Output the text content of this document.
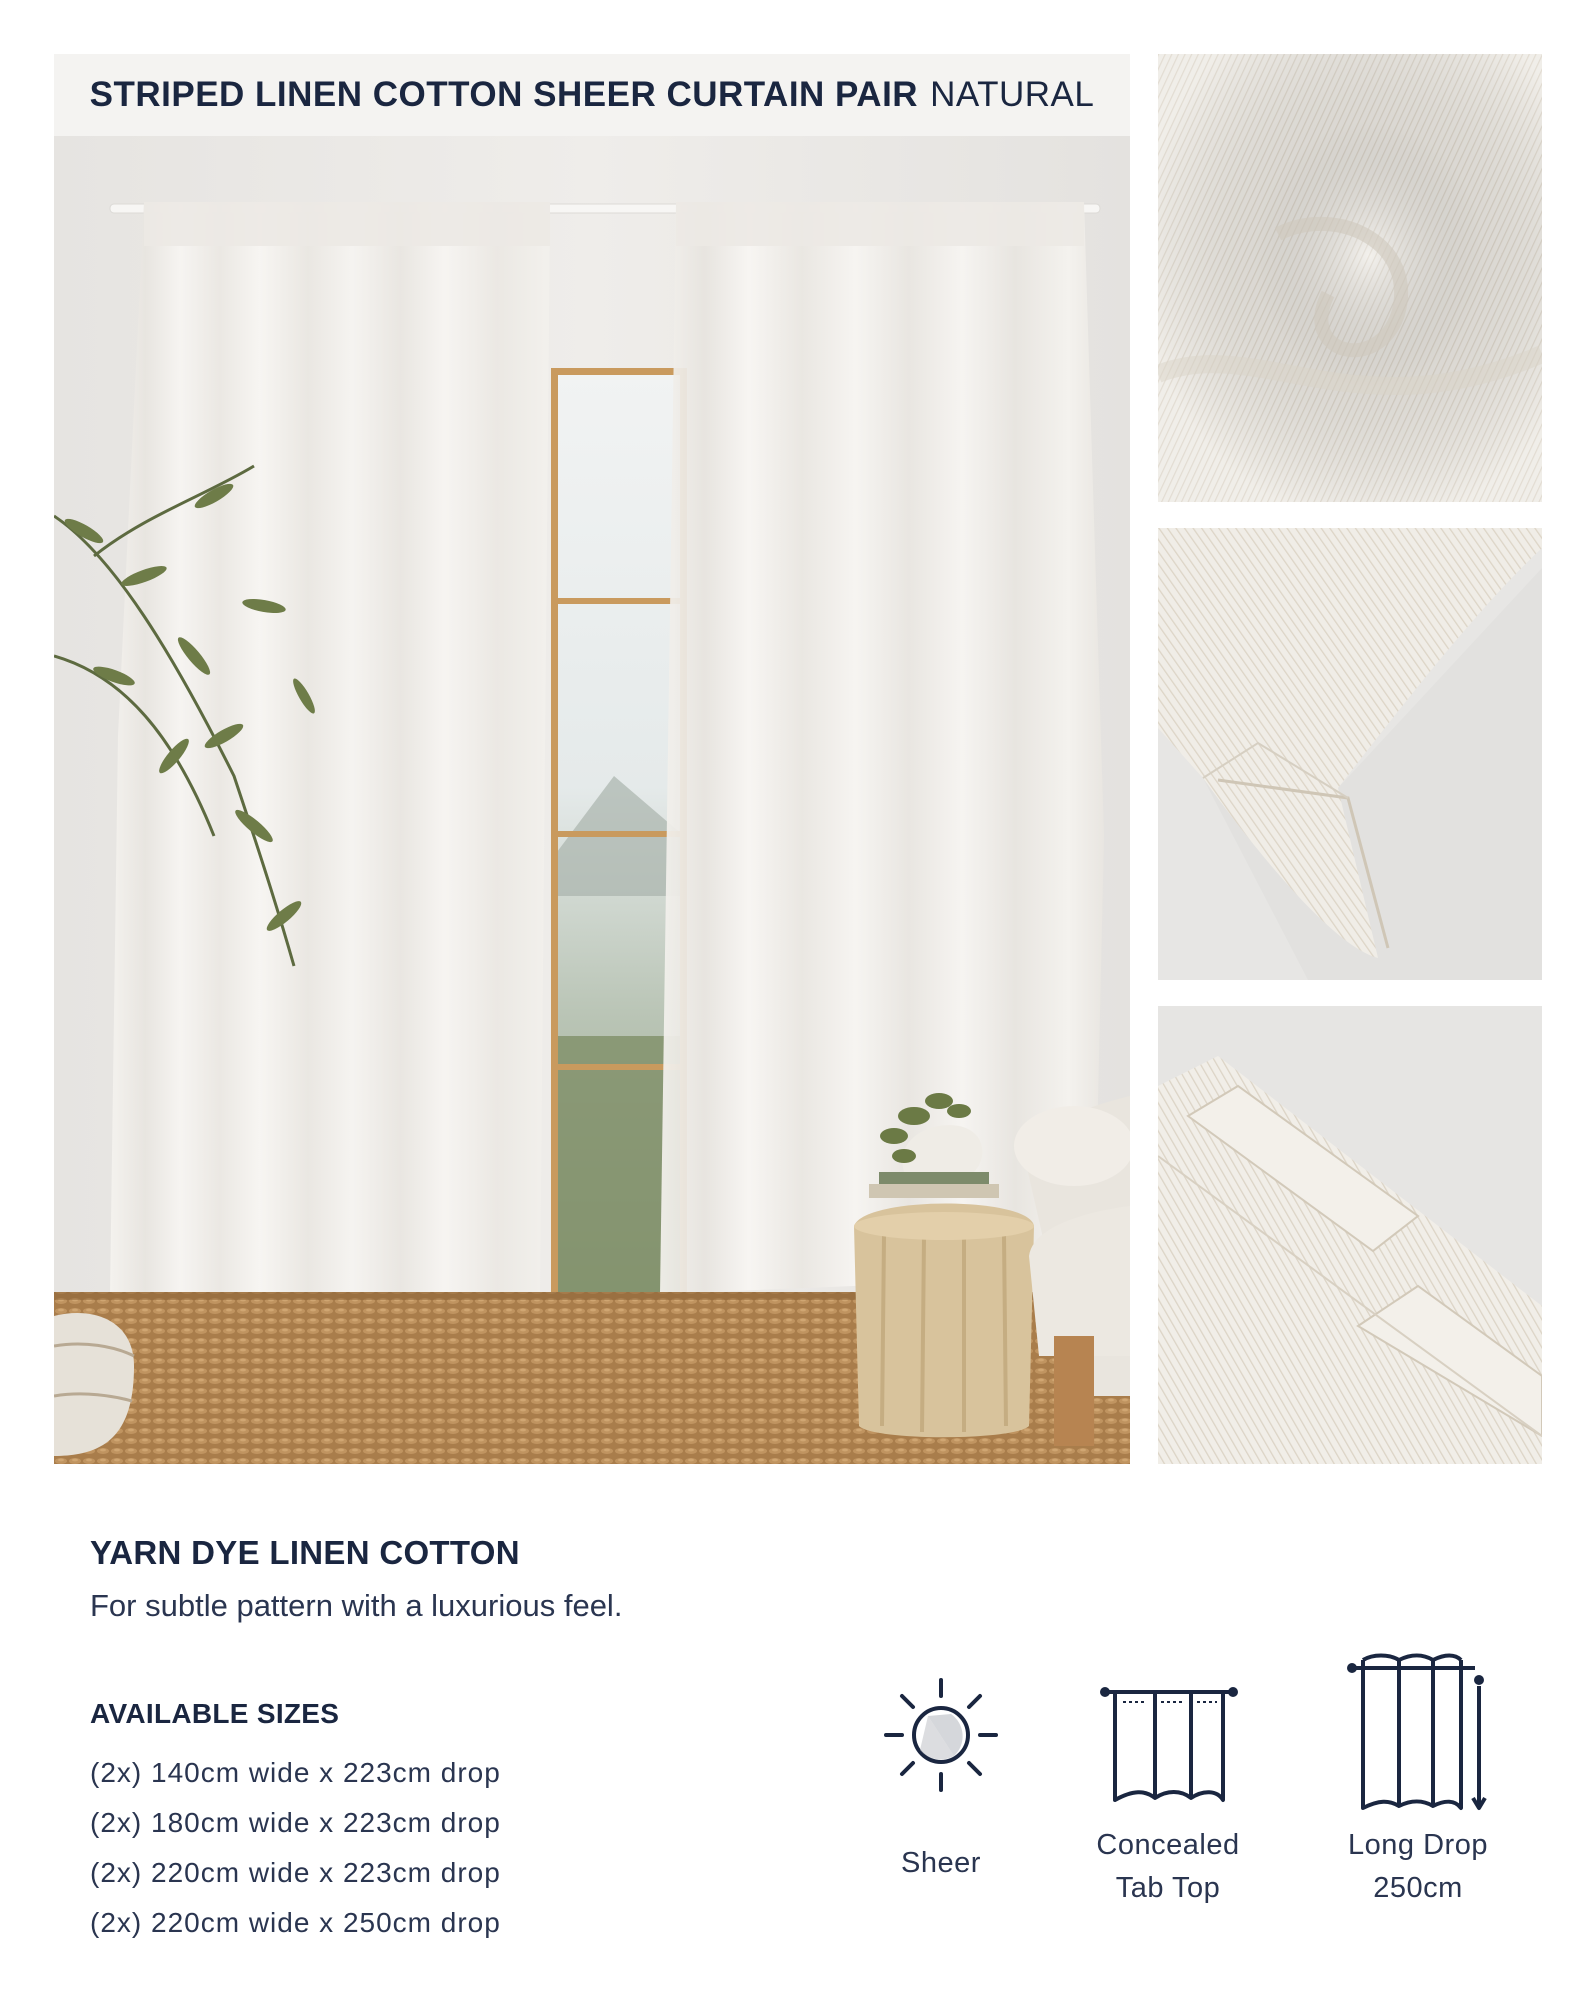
STRIPED LINEN COTTON SHEER CURTAIN PAIR NATURAL
YARN DYE LINEN COTTON

For subtle pattern with a luxurious feel.

AVAILABLE SIZES
(2x) 140cm wide x 223cm drop
(2x) 180cm wide x 223cm drop
(2x) 220cm wide x 223cm drop
(2x) 220cm wide x 250cm drop
Sheer
Concealed
Tab Top
Long Drop
250cm
